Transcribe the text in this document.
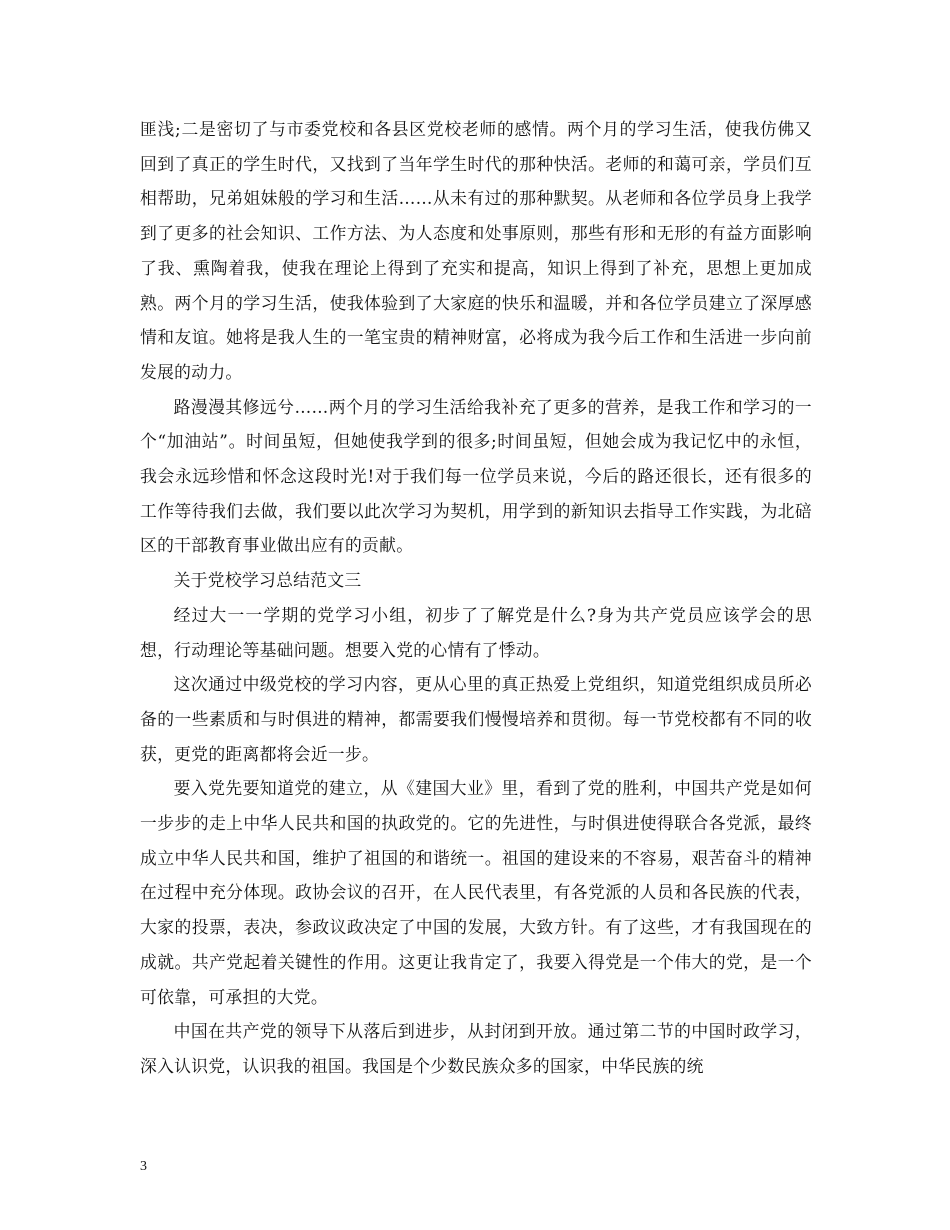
匪浅;二是密切了与市委党校和各县区党校老师的感情。两个月的学习生活，使我仿佛又回到了真正的学生时代，又找到了当年学生时代的那种快活。老师的和蔼可亲，学员们互相帮助，兄弟姐妹般的学习和生活……从未有过的那种默契。从老师和各位学员身上我学到了更多的社会知识、工作方法、为人态度和处事原则，那些有形和无形的有益方面影响了我、熏陶着我，使我在理论上得到了充实和提高，知识上得到了补充，思想上更加成熟。两个月的学习生活，使我体验到了大家庭的快乐和温暖，并和各位学员建立了深厚感情和友谊。她将是我人生的一笔宝贵的精神财富，必将成为我今后工作和生活进一步向前发展的动力。

路漫漫其修远兮……两个月的学习生活给我补充了更多的营养，是我工作和学习的一个“加油站”。时间虽短，但她使我学到的很多;时间虽短，但她会成为我记忆中的永恒，我会永远珍惜和怀念这段时光!对于我们每一位学员来说，今后的路还很长，还有很多的工作等待我们去做，我们要以此次学习为契机，用学到的新知识去指导工作实践，为北碚区的干部教育事业做出应有的贡献。

关于党校学习总结范文三

经过大一一学期的党学习小组，初步了了解党是什么?身为共产党员应该学会的思想，行动理论等基础问题。想要入党的心情有了悸动。

这次通过中级党校的学习内容，更从心里的真正热爱上党组织，知道党组织成员所必备的一些素质和与时俱进的精神，都需要我们慢慢培养和贯彻。每一节党校都有不同的收获，更党的距离都将会近一步。

要入党先要知道党的建立，从《建国大业》里，看到了党的胜利，中国共产党是如何一步步的走上中华人民共和国的执政党的。它的先进性，与时俱进使得联合各党派，最终成立中华人民共和国，维护了祖国的和谐统一。祖国的建设来的不容易，艰苦奋斗的精神在过程中充分体现。政协会议的召开，在人民代表里，有各党派的人员和各民族的代表，大家的投票，表决，参政议政决定了中国的发展，大致方针。有了这些，才有我国现在的成就。共产党起着关键性的作用。这更让我肯定了，我要入得党是一个伟大的党，是一个可依靠，可承担的大党。

中国在共产党的领导下从落后到进步，从封闭到开放。通过第二节的中国时政学习，深入认识党，认识我的祖国。我国是个少数民族众多的国家，中华民族的统

3
